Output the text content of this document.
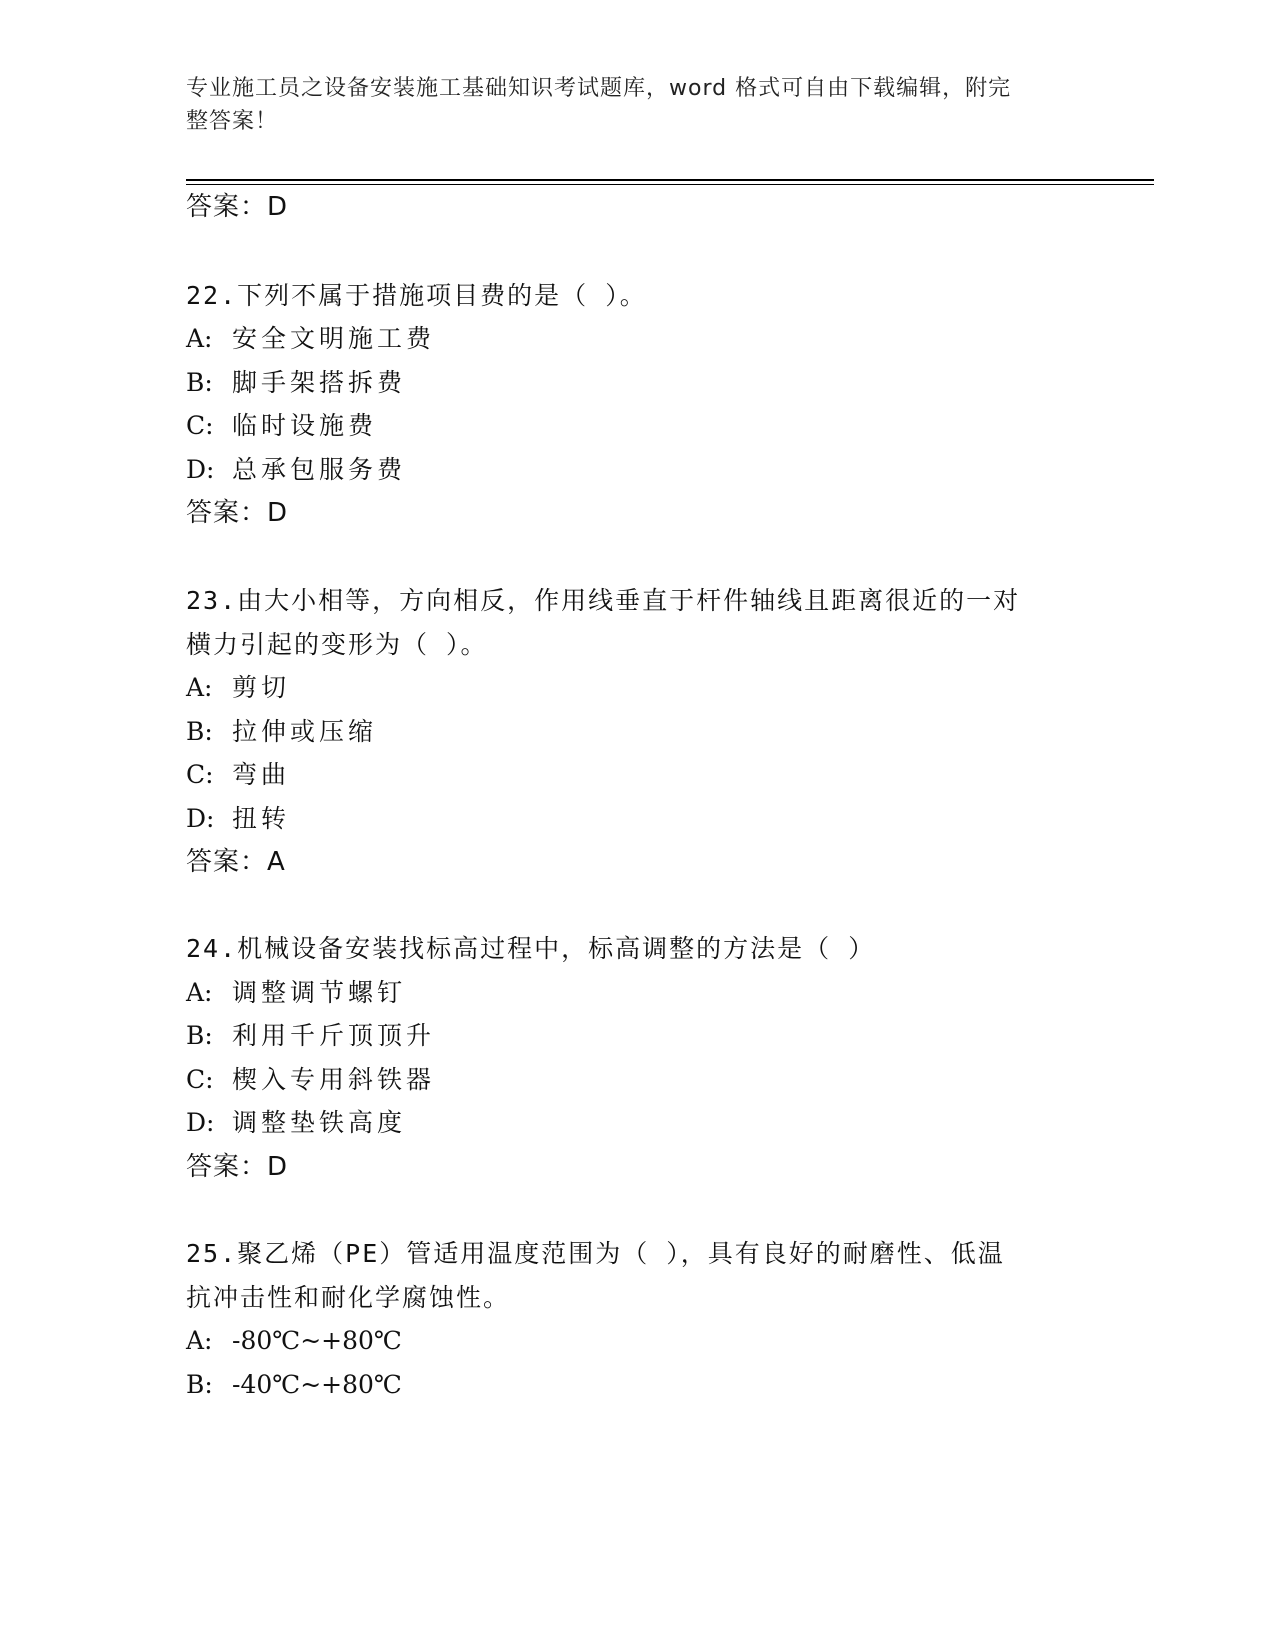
专业施工员之设备安装施工基础知识考试题库，word 格式可自由下载编辑，附完
整答案！
答案：D
22.下列不属于措施项目费的是（ ）。
A: 安全文明施工费
B: 脚手架搭拆费
C: 临时设施费
D: 总承包服务费
答案：D
23.由大小相等，方向相反，作用线垂直于杆件轴线且距离很近的一对
横力引起的变形为（ ）。
A: 剪切
B: 拉伸或压缩
C: 弯曲
D: 扭转
答案：A
24.机械设备安装找标高过程中，标高调整的方法是（ ）
A: 调整调节螺钉
B: 利用千斤顶顶升
C: 楔入专用斜铁器
D: 调整垫铁高度
答案：D
25.聚乙烯（PE）管适用温度范围为（ ），具有良好的耐磨性、低温
抗冲击性和耐化学腐蚀性。
A: -80℃~+80℃
B: -40℃~+80℃
